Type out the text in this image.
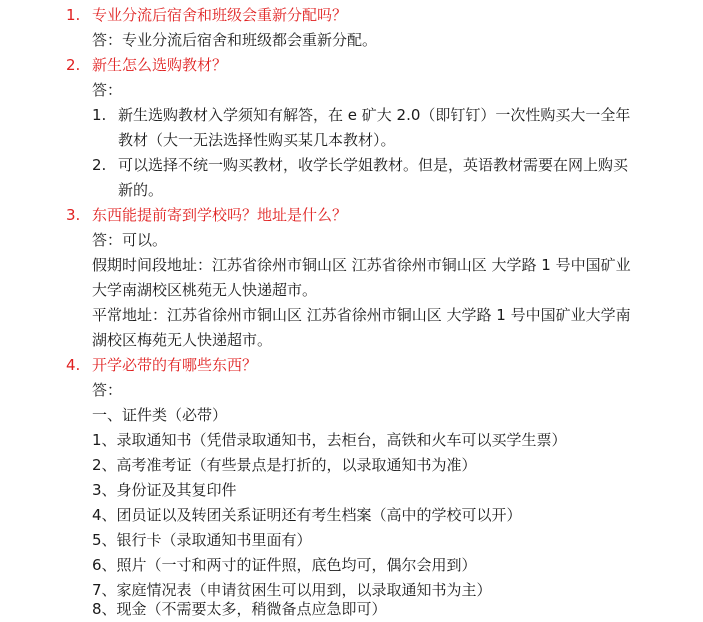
1. 专业分流后宿舍和班级会重新分配吗？
答：专业分流后宿舍和班级都会重新分配。
2. 新生怎么选购教材？
答：
1. 新生选购教材入学须知有解答，在 e 矿大 2.0（即钉钉）一次性购买大一全年
教材（大一无法选择性购买某几本教材）。
2. 可以选择不统一购买教材，收学长学姐教材。但是，英语教材需要在网上购买
新的。
3. 东西能提前寄到学校吗？地址是什么？
答：可以。
假期时间段地址：江苏省徐州市铜山区 江苏省徐州市铜山区 大学路 1 号中国矿业
大学南湖校区桃苑无人快递超市。
平常地址：江苏省徐州市铜山区 江苏省徐州市铜山区 大学路 1 号中国矿业大学南
湖校区梅苑无人快递超市。
4. 开学必带的有哪些东西？
答：
一、证件类（必带）
1、录取通知书（凭借录取通知书，去柜台，高铁和火车可以买学生票）
2、高考准考证（有些景点是打折的，以录取通知书为准）
3、身份证及其复印件
4、团员证以及转团关系证明还有考生档案（高中的学校可以开）
5、银行卡（录取通知书里面有）
6、照片（一寸和两寸的证件照，底色均可，偶尔会用到）
7、家庭情况表（申请贫困生可以用到，以录取通知书为主）
8、现金（不需要太多，稍微备点应急即可）
